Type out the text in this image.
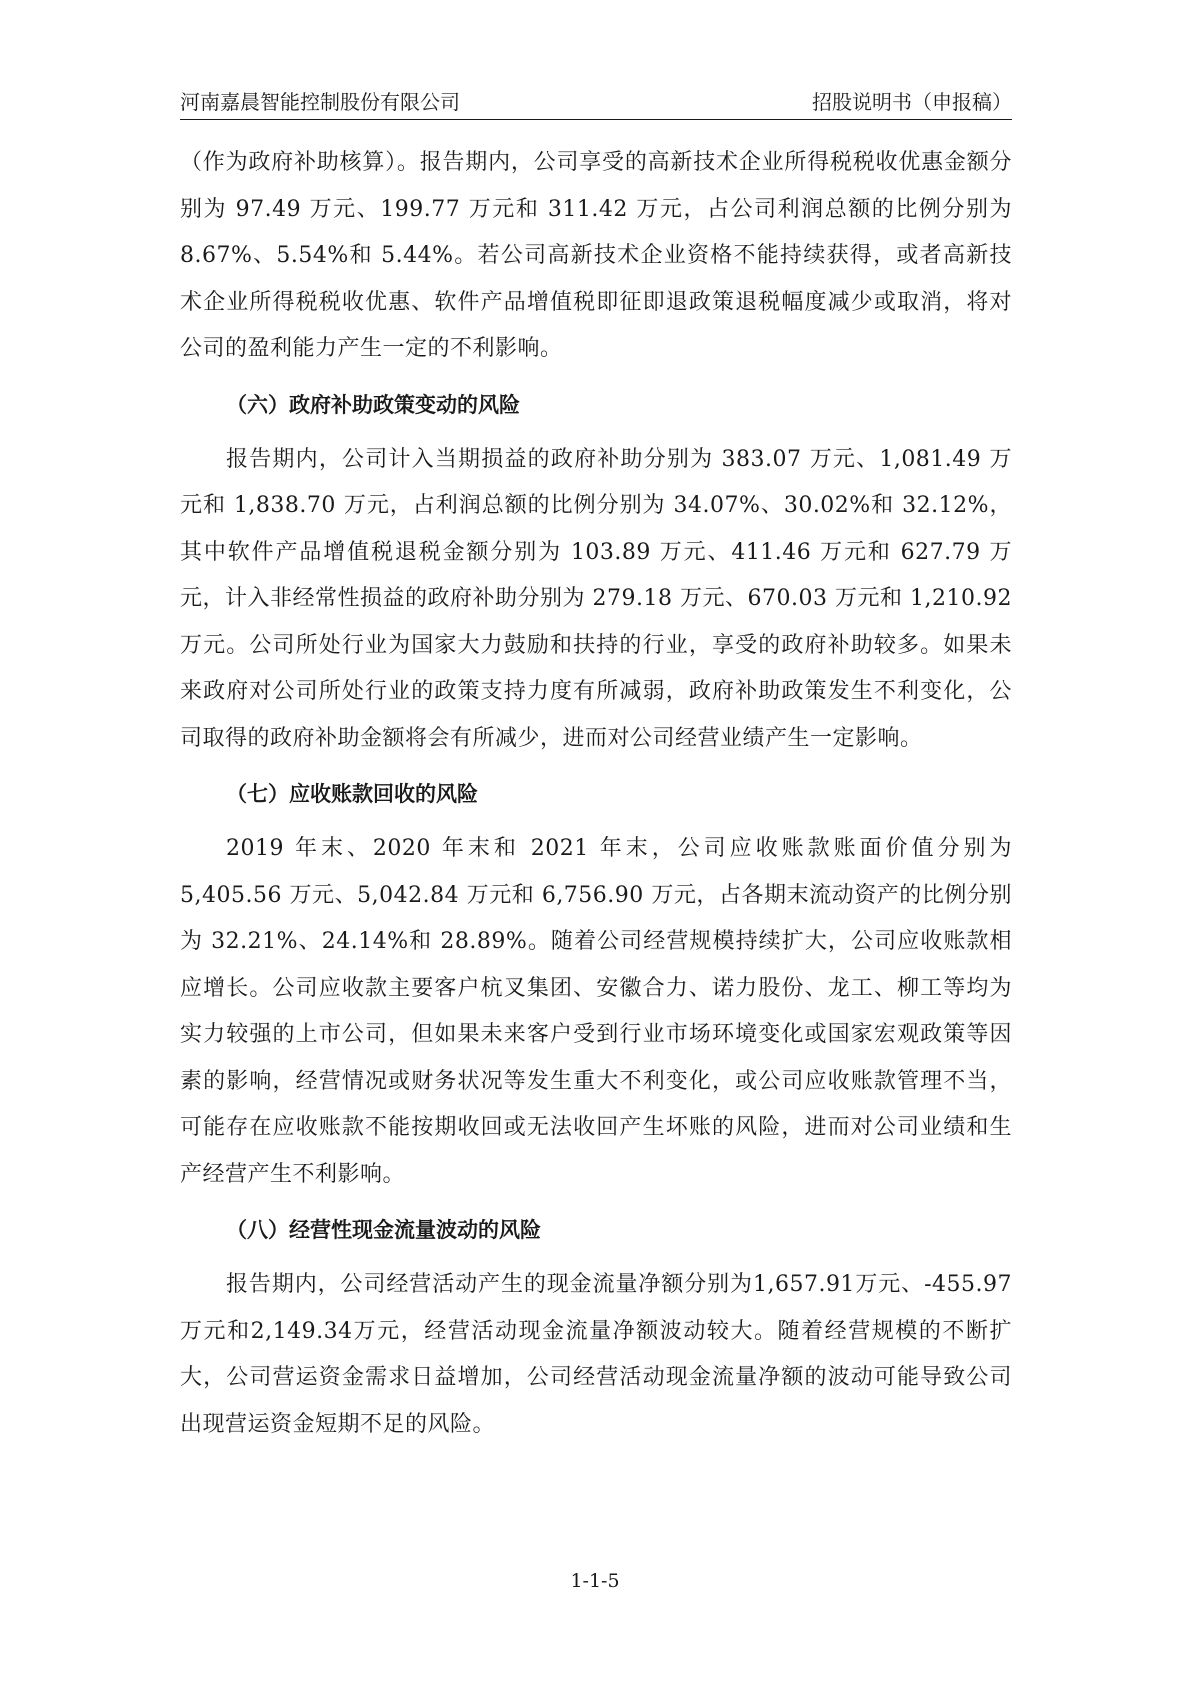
河南嘉晨智能控制股份有限公司	招股说明书（申报稿）

（作为政府补助核算）。报告期内，公司享受的高新技术企业所得税税收优惠金额分别为 97.49 万元、199.77 万元和 311.42 万元，占公司利润总额的比例分别为 8.67%、5.54%和 5.44%。若公司高新技术企业资格不能持续获得，或者高新技术企业所得税税收优惠、软件产品增值税即征即退政策退税幅度减少或取消，将对公司的盈利能力产生一定的不利影响。

（六）政府补助政策变动的风险

报告期内，公司计入当期损益的政府补助分别为 383.07 万元、1,081.49 万元和 1,838.70 万元，占利润总额的比例分别为 34.07%、30.02%和 32.12%，其中软件产品增值税退税金额分别为 103.89 万元、411.46 万元和 627.79 万元，计入非经常性损益的政府补助分别为 279.18 万元、670.03 万元和 1,210.92 万元。公司所处行业为国家大力鼓励和扶持的行业，享受的政府补助较多。如果未来政府对公司所处行业的政策支持力度有所减弱，政府补助政策发生不利变化，公司取得的政府补助金额将会有所减少，进而对公司经营业绩产生一定影响。

（七）应收账款回收的风险

2019 年末、2020 年末和 2021 年末，公司应收账款账面价值分别为 5,405.56 万元、5,042.84 万元和 6,756.90 万元，占各期末流动资产的比例分别为 32.21%、24.14%和 28.89%。随着公司经营规模持续扩大，公司应收账款相应增长。公司应收款主要客户杭叉集团、安徽合力、诺力股份、龙工、柳工等均为实力较强的上市公司，但如果未来客户受到行业市场环境变化或国家宏观政策等因素的影响，经营情况或财务状况等发生重大不利变化，或公司应收账款管理不当，可能存在应收账款不能按期收回或无法收回产生坏账的风险，进而对公司业绩和生产经营产生不利影响。

（八）经营性现金流量波动的风险

报告期内，公司经营活动产生的现金流量净额分别为1,657.91万元、-455.97万元和2,149.34万元，经营活动现金流量净额波动较大。随着经营规模的不断扩大，公司营运资金需求日益增加，公司经营活动现金流量净额的波动可能导致公司出现营运资金短期不足的风险。

1-1-5
